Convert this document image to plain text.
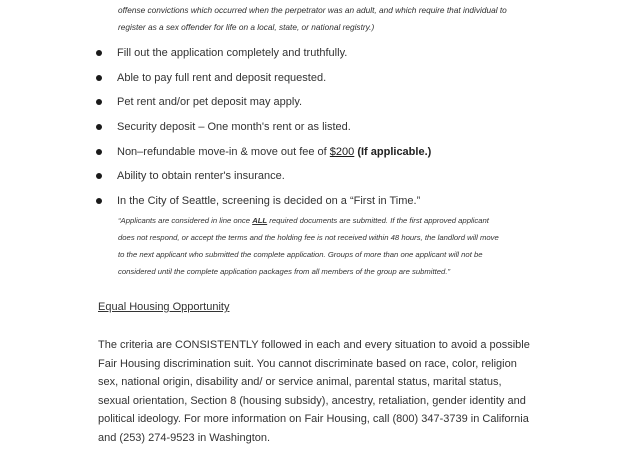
offense convictions which occurred when the perpetrator was an adult, and which require that individual to
register as a sex offender for life on a local, state, or national registry.)
Fill out the application completely and truthfully.
Able to pay full rent and deposit requested.
Pet rent and/or pet deposit may apply.
Security deposit – One month's rent or as listed.
Non–refundable move-in & move out fee of $200 (If applicable.)
Ability to obtain renter's insurance.
In the City of Seattle, screening is decided on a “First in Time.”
“Applicants are considered in line once ALL required documents are submitted. If the first approved applicant
does not respond, or accept the terms and the holding fee is not received within 48 hours, the landlord will move
to the next applicant who submitted the complete application. Groups of more than one applicant will not be
considered until the complete application packages from all members of the group are submitted.”
Equal Housing Opportunity
The criteria are CONSISTENTLY followed in each and every situation to avoid a possible
Fair Housing discrimination suit. You cannot discriminate based on race, color, religion
sex, national origin, disability and/ or service animal, parental status, marital status,
sexual orientation, Section 8 (housing subsidy), ancestry, retaliation, gender identity and
political ideology. For more information on Fair Housing, call (800) 347-3739 in California
and (253) 274-9523 in Washington.
